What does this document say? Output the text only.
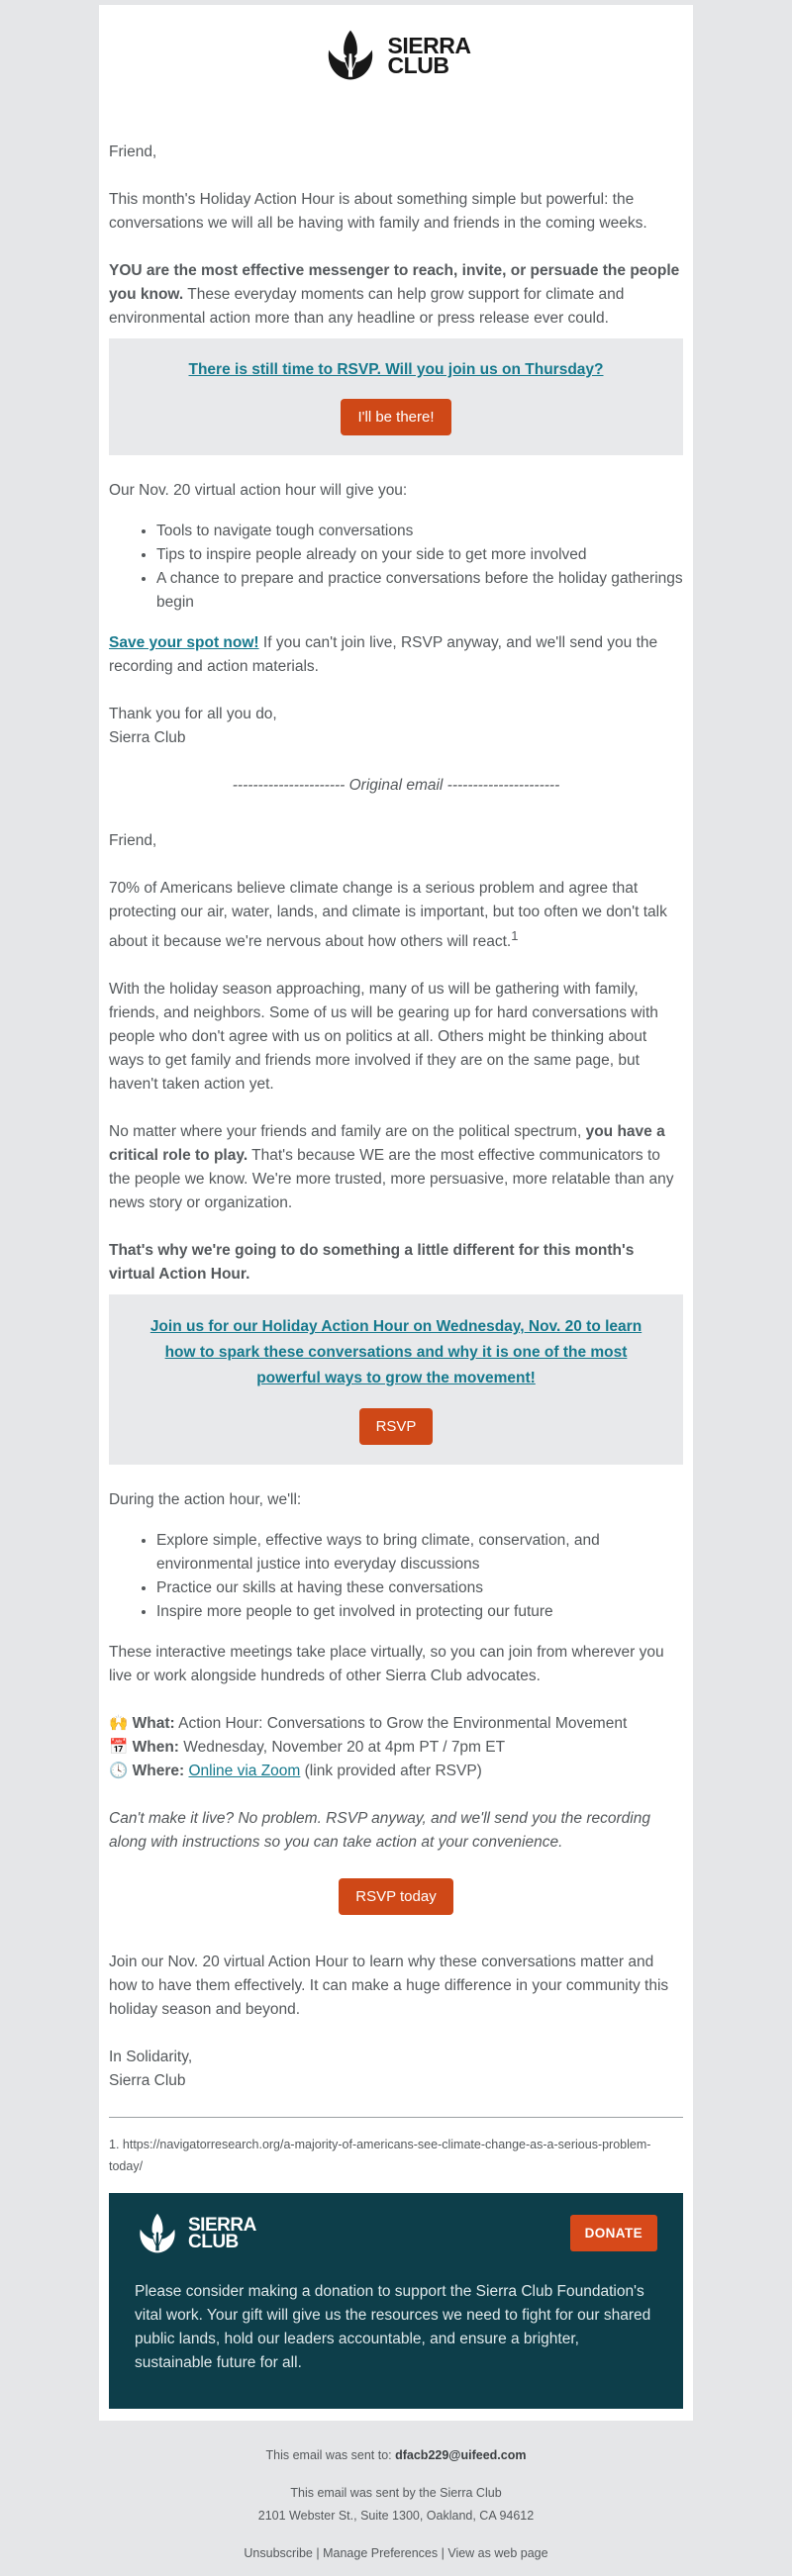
SIERRA
CLUB

Friend,

This month's Holiday Action Hour is about something simple but powerful: the conversations we will all be having with family and friends in the coming weeks.

YOU are the most effective messenger to reach, invite, or persuade the people you know. These everyday moments can help grow support for climate and environmental action more than any headline or press release ever could.

There is still time to RSVP. Will you join us on Thursday?
I'll be there!

Our Nov. 20 virtual action hour will give you:

• Tools to navigate tough conversations
• Tips to inspire people already on your side to get more involved
• A chance to prepare and practice conversations before the holiday gatherings begin

Save your spot now! If you can't join live, RSVP anyway, and we'll send you the recording and action materials.

Thank you for all you do,
Sierra Club

---------------------- Original email ----------------------

Friend,

70% of Americans believe climate change is a serious problem and agree that protecting our air, water, lands, and climate is important, but too often we don't talk about it because we're nervous about how others will react.$^1$

With the holiday season approaching, many of us will be gathering with family, friends, and neighbors. Some of us will be gearing up for hard conversations with people who don't agree with us on politics at all. Others might be thinking about ways to get family and friends more involved if they are on the same page, but haven't taken action yet.

No matter where your friends and family are on the political spectrum, you have a critical role to play. That's because WE are the most effective communicators to the people we know. We're more trusted, more persuasive, more relatable than any news story or organization.

That's why we're going to do something a little different for this month's virtual Action Hour.

Join us for our Holiday Action Hour on Wednesday, Nov. 20 to learn how to spark these conversations and why it is one of the most powerful ways to grow the movement!
RSVP

During the action hour, we'll:

• Explore simple, effective ways to bring climate, conservation, and environmental justice into everyday discussions
• Practice our skills at having these conversations
• Inspire more people to get involved in protecting our future

These interactive meetings take place virtually, so you can join from wherever you live or work alongside hundreds of other Sierra Club advocates.

🙌 What: Action Hour: Conversations to Grow the Environmental Movement

📅 When: Wednesday, November 20 at 4pm PT / 7pm ET

🕓 Where: Online via Zoom (link provided after RSVP)

Can't make it live? No problem. RSVP anyway, and we'll send you the recording along with instructions so you can take action at your convenience.

RSVP today

Join our Nov. 20 virtual Action Hour to learn why these conversations matter and how to have them effectively. It can make a huge difference in your community this holiday season and beyond.

In Solidarity,
Sierra Club

1. https://navigatorresearch.org/a-majority-of-americans-see-climate-change-as-a-serious-problem-today/

SIERRA
CLUB	DONATE

Please consider making a donation to support the Sierra Club Foundation's vital work. Your gift will give us the resources we need to fight for our shared public lands, hold our leaders accountable, and ensure a brighter, sustainable future for all.

This email was sent to: dfacb229@uifeed.com

This email was sent by the Sierra Club

2101 Webster St., Suite 1300, Oakland, CA 94612

Unsubscribe | Manage Preferences | View as web page
